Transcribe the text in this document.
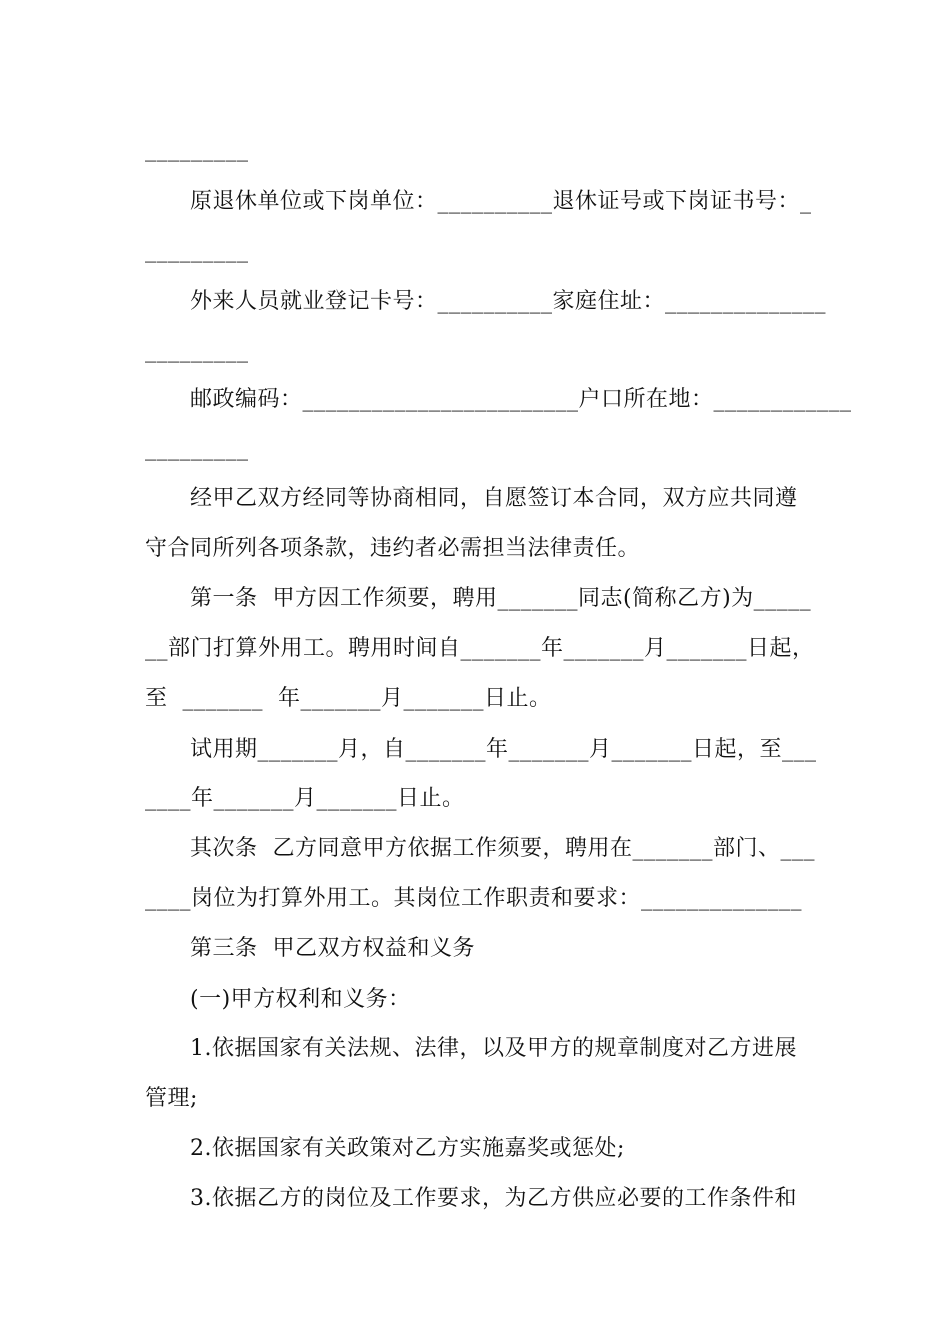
_________
原退休单位或下岗单位：__________退休证号或下岗证书号：_
_________
外来人员就业登记卡号：__________家庭住址：______________
_________
邮政编码：________________________户口所在地：____________
_________
经甲乙双方经同等协商相同，自愿签订本合同，双方应共同遵
守合同所列各项条款，违约者必需担当法律责任。
第一条  甲方因工作须要，聘用_______同志(简称乙方)为_____
__部门打算外用工。聘用时间自_______年_______月_______日起，
至  _______  年_______月_______日止。
试用期_______月，自_______年_______月_______日起，至___
____年_______月_______日止。
其次条  乙方同意甲方依据工作须要，聘用在_______部门、___
____岗位为打算外用工。其岗位工作职责和要求：______________
第三条  甲乙双方权益和义务
(一)甲方权利和义务：
1.依据国家有关法规、法律，以及甲方的规章制度对乙方进展
管理;
2.依据国家有关政策对乙方实施嘉奖或惩处;
3.依据乙方的岗位及工作要求，为乙方供应必要的工作条件和
